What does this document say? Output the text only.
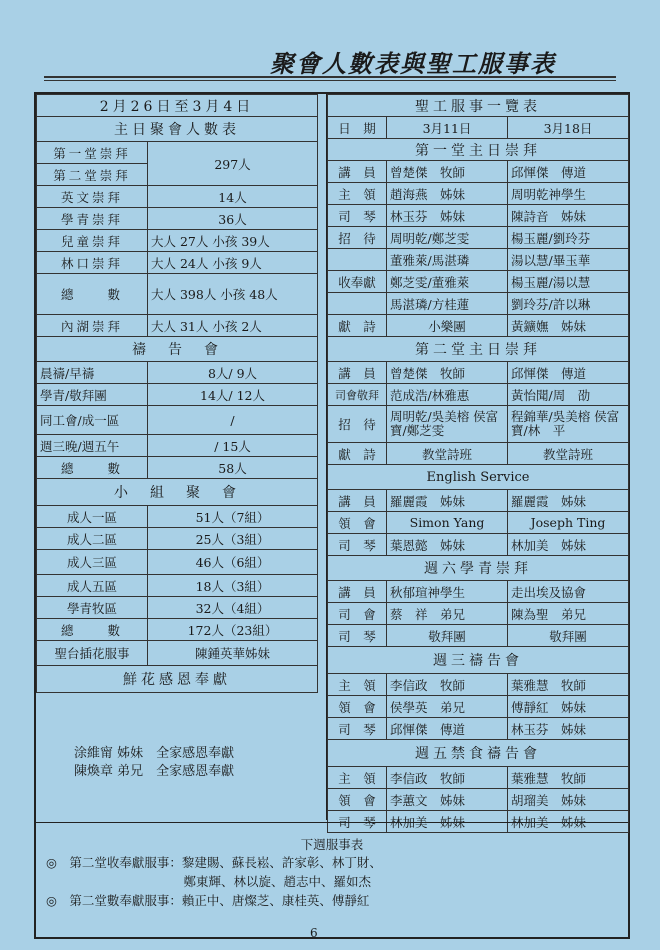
聚會人數表與聖工服事表
2月26日至3月4日	
主日聚會人數表	
第一堂崇拜	297人
第二堂崇拜	
英文崇拜	14人
學青崇拜	36人
兒童崇拜	大人 27人 小孩 39人
林口崇拜	大人 24人 小孩 9人
總　　數	大人 398人 小孩 48人
內湖崇拜	大人 31人 小孩 2人
禱　告　會	
晨禱/早禱	8人/ 9人
學青/敬拜團	14人/ 12人
同工會/成一區	/
週三晚/週五午	/ 15人
總　　數	58人
小　組　聚　會	
成人一區	51人（7組）
成人二區	25人（3組）
成人三區	46人（6組）
成人五區	18人（3組）
學青牧區	32人（4組）
總　　數	172人（23組）
聖台插花服事	陳鍾英華姊妹
鮮花感恩奉獻	
涂維甯 姊妹　全家感恩奉獻
陳煥章 弟兄　全家感恩奉獻
聖工服事一覽表		
日　期	3月11日	3月18日
第一堂主日崇拜		
講　員	曾楚傑　牧師	邱惲傑　傳道
主　領	趙海燕　姊妹	周明乾神學生
司　琴	林玉芬　姊妹	陳詩音　姊妹
招　待	周明乾/鄭芝雯	楊玉麗/劉玲芬
	董雅萊/馬湛璘	湯以慧/畢玉華
收奉獻	鄭芝雯/董雅萊	楊玉麗/湯以慧
	馬湛璘/方桂蓮	劉玲芬/許以琳
獻　詩	小樂團	黃鑛嫵　姊妹
第二堂主日崇拜		
講　員	曾楚傑　牧師	邱惲傑　傳道
司會敬拜	范成浩/林雅惠	黃怡聞/周　劭
招　待	周明乾/吳美榕 侯富寶/鄭芝雯	程錦華/吳美榕 侯富寶/林　平
獻　詩	教堂詩班	教堂詩班
English Service		
講　員	羅麗霞　姊妹	羅麗霞　姊妹
領　會	Simon Yang	Joseph Ting
司　琴	葉恩懿　姊妹	林加美　姊妹
週六學青崇拜		
講　員	秋郁瑄神學生	走出埃及協會
司　會	蔡　祥　弟兄	陳為聖　弟兄
司　琴	敬拜團	敬拜團
週三禱告會		
主　領	李信政　牧師	葉雅慧　牧師
領　會	侯學英　弟兄	傅靜紅　姊妹
司　琴	邱惲傑　傳道	林玉芬　姊妹
週五禁食禱告會		
主　領	李信政　牧師	葉雅慧　牧師
領　會	李蕙文　姊妹	胡瑠美　姊妹
司　琴	林加美　姊妹	林加美　姊妹
下週服事表
◎　第二堂收奉獻服事：黎建賜、蘇長崧、許家彰、林丁財、
　　　　　　　　　　　鄭東輝、林以旋、趙志中、羅如杰
◎　第二堂數奉獻服事：賴正中、唐燦芝、康桂英、傅靜紅
6
